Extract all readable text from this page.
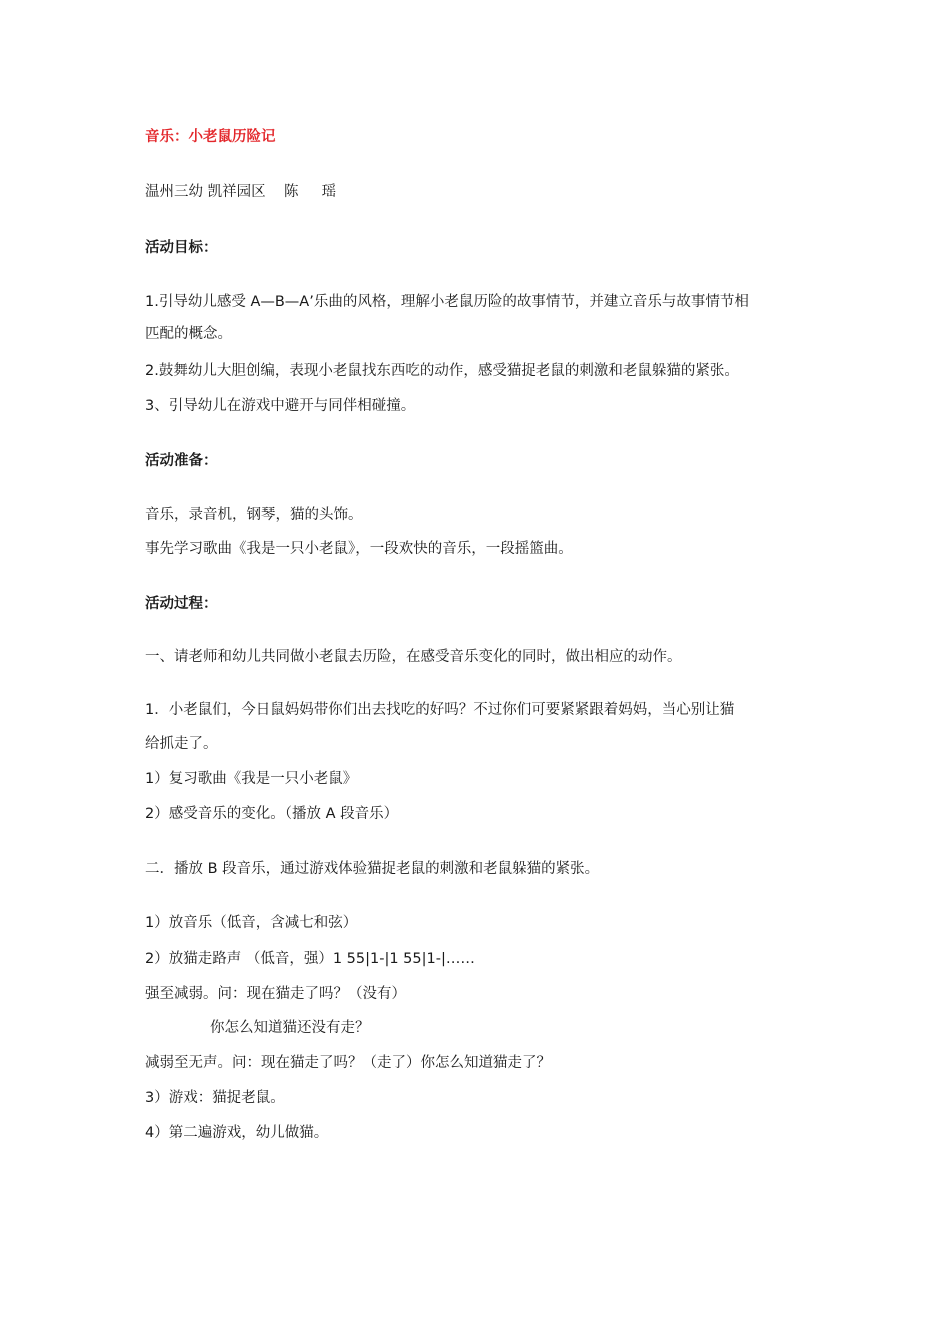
音乐：小老鼠历险记
温州三幼 凯祥园区    陈     瑶
活动目标：
1.引导幼儿感受 A—B—A’乐曲的风格，理解小老鼠历险的故事情节，并建立音乐与故事情节相
匹配的概念。
2.鼓舞幼儿大胆创编，表现小老鼠找东西吃的动作，感受猫捉老鼠的刺激和老鼠躲猫的紧张。
3、引导幼儿在游戏中避开与同伴相碰撞。
活动准备：
音乐，录音机，钢琴，猫的头饰。
事先学习歌曲《我是一只小老鼠》，一段欢快的音乐，一段摇篮曲。
活动过程：
一、请老师和幼儿共同做小老鼠去历险，在感受音乐变化的同时，做出相应的动作。
1．小老鼠们，今日鼠妈妈带你们出去找吃的好吗？不过你们可要紧紧跟着妈妈，当心别让猫
给抓走了。
1）复习歌曲《我是一只小老鼠》
2）感受音乐的变化。（播放 A 段音乐）
二．播放 B 段音乐，通过游戏体验猫捉老鼠的刺激和老鼠躲猫的紧张。
1）放音乐（低音，含减七和弦）
2）放猫走路声 （低音，强）1 55|1-|1 55|1-|……
强至减弱。问：现在猫走了吗？（没有）
你怎么知道猫还没有走？
减弱至无声。问：现在猫走了吗？（走了）你怎么知道猫走了？
3）游戏：猫捉老鼠。
4）第二遍游戏，幼儿做猫。
